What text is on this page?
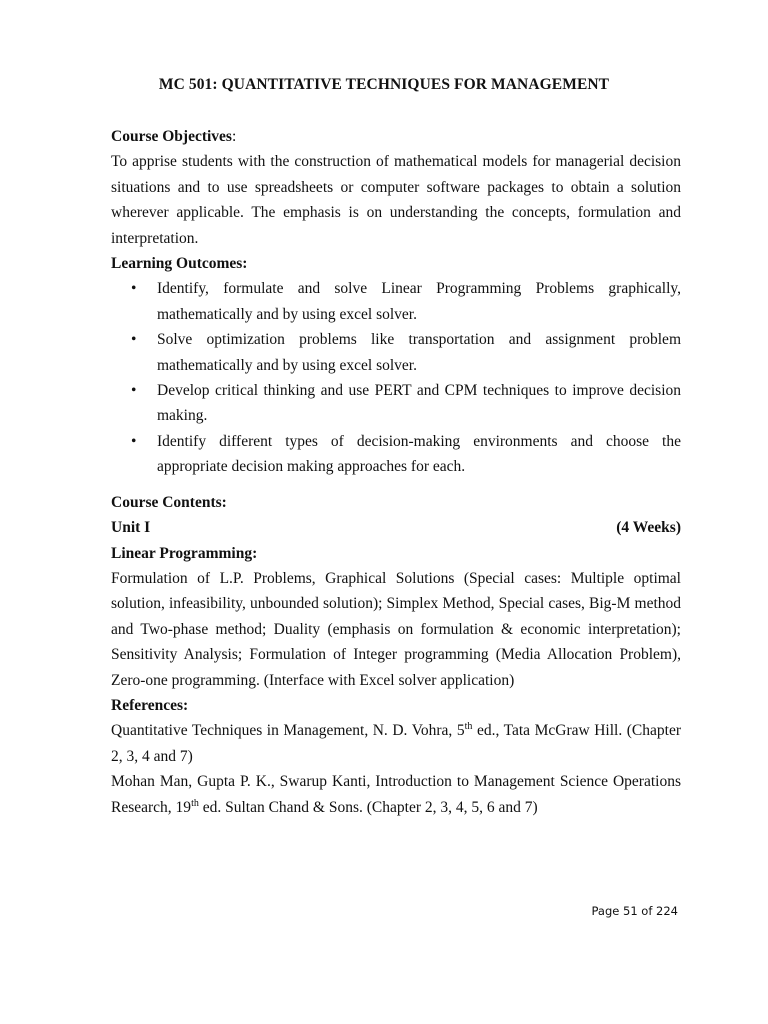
MC 501: QUANTITATIVE TECHNIQUES FOR MANAGEMENT
Course Objectives:
To apprise students with the construction of mathematical models for managerial decision situations and to use spreadsheets or computer software packages to obtain a solution wherever applicable. The emphasis is on understanding the concepts, formulation and interpretation.
Learning Outcomes:
• Identify, formulate and solve Linear Programming Problems graphically, mathematically and by using excel solver.
• Solve optimization problems like transportation and assignment problem mathematically and by using excel solver.
• Develop critical thinking and use PERT and CPM techniques to improve decision making.
• Identify different types of decision-making environments and choose the appropriate decision making approaches for each.
Course Contents:
Unit I	(4 Weeks)
Linear Programming:
Formulation of L.P. Problems, Graphical Solutions (Special cases: Multiple optimal solution, infeasibility, unbounded solution); Simplex Method, Special cases, Big-M method and Two-phase method; Duality (emphasis on formulation & economic interpretation); Sensitivity Analysis; Formulation of Integer programming (Media Allocation Problem), Zero-one programming. (Interface with Excel solver application)
References:
Quantitative Techniques in Management, N. D. Vohra, 5th ed., Tata McGraw Hill. (Chapter 2, 3, 4 and 7)
Mohan Man, Gupta P. K., Swarup Kanti, Introduction to Management Science Operations Research, 19th ed. Sultan Chand & Sons. (Chapter 2, 3, 4, 5, 6 and 7)
Page 51 of 224
